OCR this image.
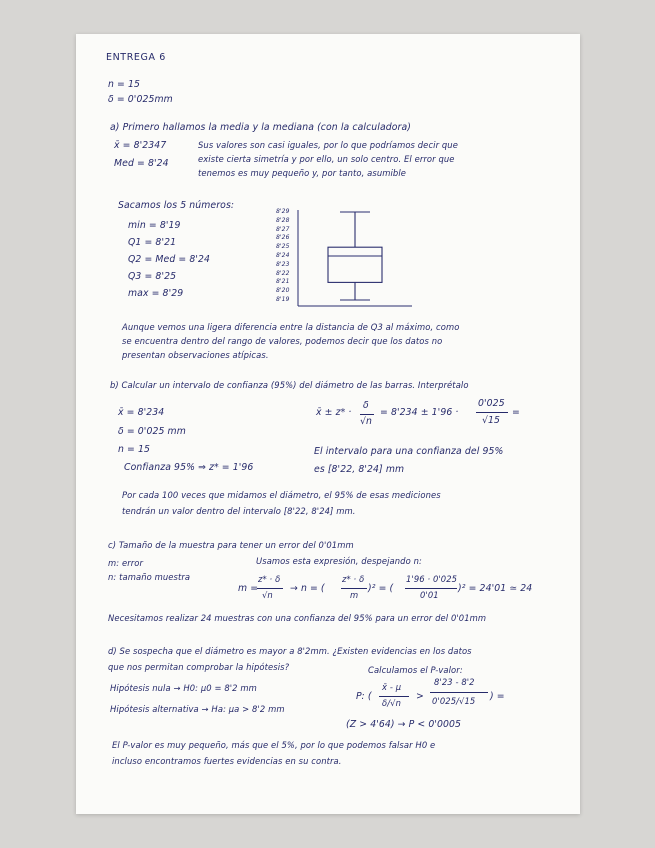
ENTREGA 6
n = 15
δ = 0'025mm
a) Primero hallamos la media y la mediana (con la calculadora)
x̄ = 8'2347
Med = 8'24
Sus valores son casi iguales, por lo que podríamos decir que
existe cierta simetría y por ello, un solo centro. El error que
tenemos es muy pequeño y, por tanto, asumible
Sacamos los 5 números:
min = 8'19
Q1 = 8'21
Q2 = Med = 8'24
Q3 = 8'25
max = 8'29
8'29
8'28
8'27
8'26
8'25
8'24
8'23
8'22
8'21
8'20
8'19
Aunque vemos una ligera diferencia entre la distancia de Q3 al máximo, como
se encuentra dentro del rango de valores, podemos decir que los datos no
presentan observaciones atípicas.
b) Calcular un intervalo de confianza (95%) del diámetro de las barras. Interprétalo
x̄ = 8'234
δ = 0'025 mm
n = 15
Confianza 95% ⇒ z* = 1'96
x̄ ± z* ·
δ
√n
= 8'234 ± 1'96 ·
0'025
√15
=
El intervalo para una confianza del 95%
es [8'22, 8'24] mm
Por cada 100 veces que midamos el diámetro, el 95% de esas mediciones
tendrán un valor dentro del intervalo [8'22, 8'24] mm.
c) Tamaño de la muestra para tener un error del 0'01mm
m: error
n: tamaño muestra
Usamos esta expresión, despejando n:
m =
z* · δ
√n
→ n = (
z* · δ
m
)² = (
1'96 · 0'025
0'01
)² = 24'01 ≃ 24
Necesitamos realizar 24 muestras con una confianza del 95% para un error del 0'01mm
d) Se sospecha que el diámetro es mayor a 8'2mm. ¿Existen evidencias en los datos
que nos permitan comprobar la hipótesis?
Hipótesis nula → H0: μ0 = 8'2 mm
Hipótesis alternativa → Ha: μa > 8'2 mm
Calculamos el P-valor:
P: (
x̄ - μ
δ/√n
>
8'23 - 8'2
0'025/√15 ) =
(Z > 4'64) → P < 0'0005
El P-valor es muy pequeño, más que el 5%, por lo que podemos falsar H0 e
incluso encontramos fuertes evidencias en su contra.
